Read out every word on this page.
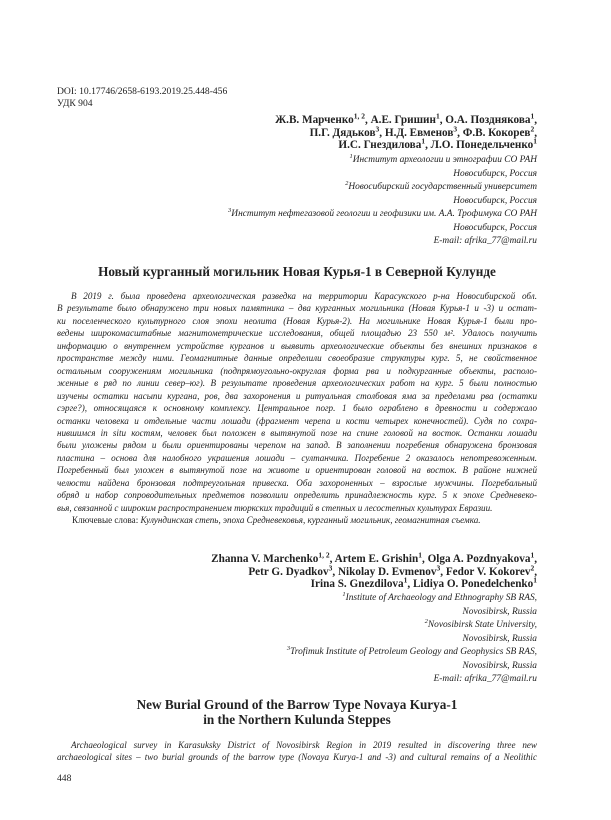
DOI: 10.17746/2658-6193.2019.25.448-456
УДК 904
Ж.В. Марченко$^{1, 2}$, А.Е. Гришин$^1$, О.А. Позднякова$^1$,
П.Г. Дядьков$^3$, Н.Д. Евменов$^3$, Ф.В. Кокорев$^2$,
И.С. Гнездилова$^1$, Л.О. Понедельченко$^1$
$^1$Институт археологии и этнографии СО РАН
Новосибирск, Россия
$^2$Новосибирский государственный университет
Новосибирск, Россия
$^3$Институт нефтегазовой геологии и геофизики им. А.А. Трофимука СО РАН
Новосибирск, Россия
E-mail: afrika_77@mail.ru
Новый курганный могильник Новая Курья-1 в Северной Кулунде
В 2019 г. была проведена археологическая разведка на территории Карасукского р-на Новосибирской обл.
В результате было обнаружено три новых памятника – два курганных могильника (Новая Курья-1 и -3) и остат-
ки поселенческого культурного слоя эпохи неолита (Новая Курья-2). На могильнике Новая Курья-1 были про-
ведены широкомасштабные магнитометрические исследования, общей площадью 23 550 м². Удалось получить
информацию о внутреннем устройстве курганов и выявить археологические объекты без внешних признаков в
пространстве между ними. Геомагнитные данные определили своеобразие структуры кург. 5, не свойственное
остальным сооружениям могильника (подпрямоугольно-округлая форма рва и подкурганные объекты, располо-
женные в ряд по линии север–юг). В результате проведения археологических работ на кург. 5 были полностью
изучены остатки насыпи кургана, ров, два захоронения и ритуальная столбовая яма за пределами рва (остатки
сэрге?), относящаяся к основному комплексу. Центральное погр. 1 было ограблено в древности и содержало
останки человека и отдельные части лошади (фрагмент черепа и кости четырех конечностей). Судя по сохра-
нившимся in situ костям, человек был положен в вытянутой позе на спине головой на восток. Останки лошади
были уложены рядом и были ориентированы черепом на запад. В заполнении погребения обнаружена бронзовая
пластина – основа для налобного украшения лошади – султанчика. Погребение 2 оказалось непотревоженным.
Погребенный был уложен в вытянутой позе на животе и ориентирован головой на восток. В районе нижней
челюсти найдена бронзовая подтреугольная привеска. Оба захороненных – взрослые мужчины. Погребальный
обряд и набор сопроводительных предметов позволили определить принадлежность кург. 5 к эпохе Средневеко-
вья, связанной с широким распространением тюркских традиций в степных и лесостепных культурах Евразии.
Ключевые слова: Кулундинская степь, эпоха Средневековья, курганный могильник, геомагнитная съемка.
Zhanna V. Marchenko$^{1, 2}$, Artem E. Grishin$^1$, Olga A. Pozdnyakova$^1$,
Petr G. Dyadkov$^3$, Nikolay D. Evmenov$^3$, Fedor V. Kokorev$^2$,
Irina S. Gnezdilova$^1$, Lidiya O. Ponedelchenko$^1$
$^1$Institute of Archaeology and Ethnography SB RAS,
Novosibirsk, Russia
$^2$Novosibirsk State University,
Novosibirsk, Russia
$^3$Trofimuk Institute of Petroleum Geology and Geophysics SB RAS,
Novosibirsk, Russia
E-mail: afrika_77@mail.ru
New Burial Ground of the Barrow Type Novaya Kurya-1
in the Northern Kulunda Steppes
Archaeological survey in Karasuksky District of Novosibirsk Region in 2019 resulted in discovering three new
archaeological sites – two burial grounds of the barrow type (Novaya Kurya-1 and -3) and cultural remains of a Neolithic
448
